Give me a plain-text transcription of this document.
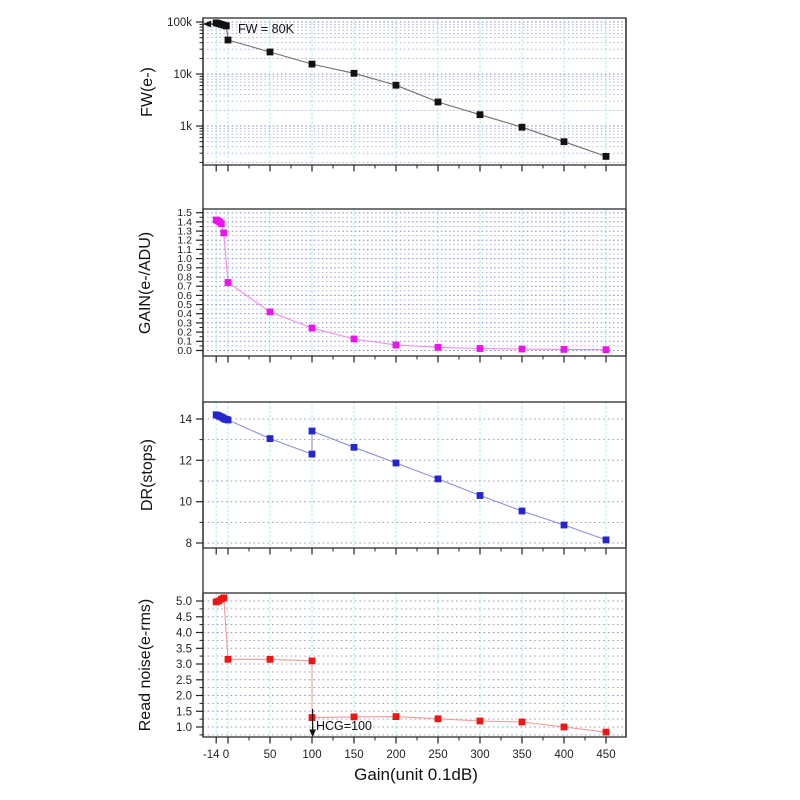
1k
10k
100k
0.0
0.1
0.2
0.3
0.4
0.5
0.6
0.7
0.8
0.9
1.0
1.1
1.2
1.3
1.4
1.5
8
10
12
14
1.0
1.5
2.0
2.5
3.0
3.5
4.0
4.5
5.0
-14 0	50 100 150 200 250 300 350 400 450
FW(e-)
GAIN(e-/ADU)
DR(stops)
Read noise(e-rms)
Gain(unit 0.1dB)
FW = 80K
HCG=100
